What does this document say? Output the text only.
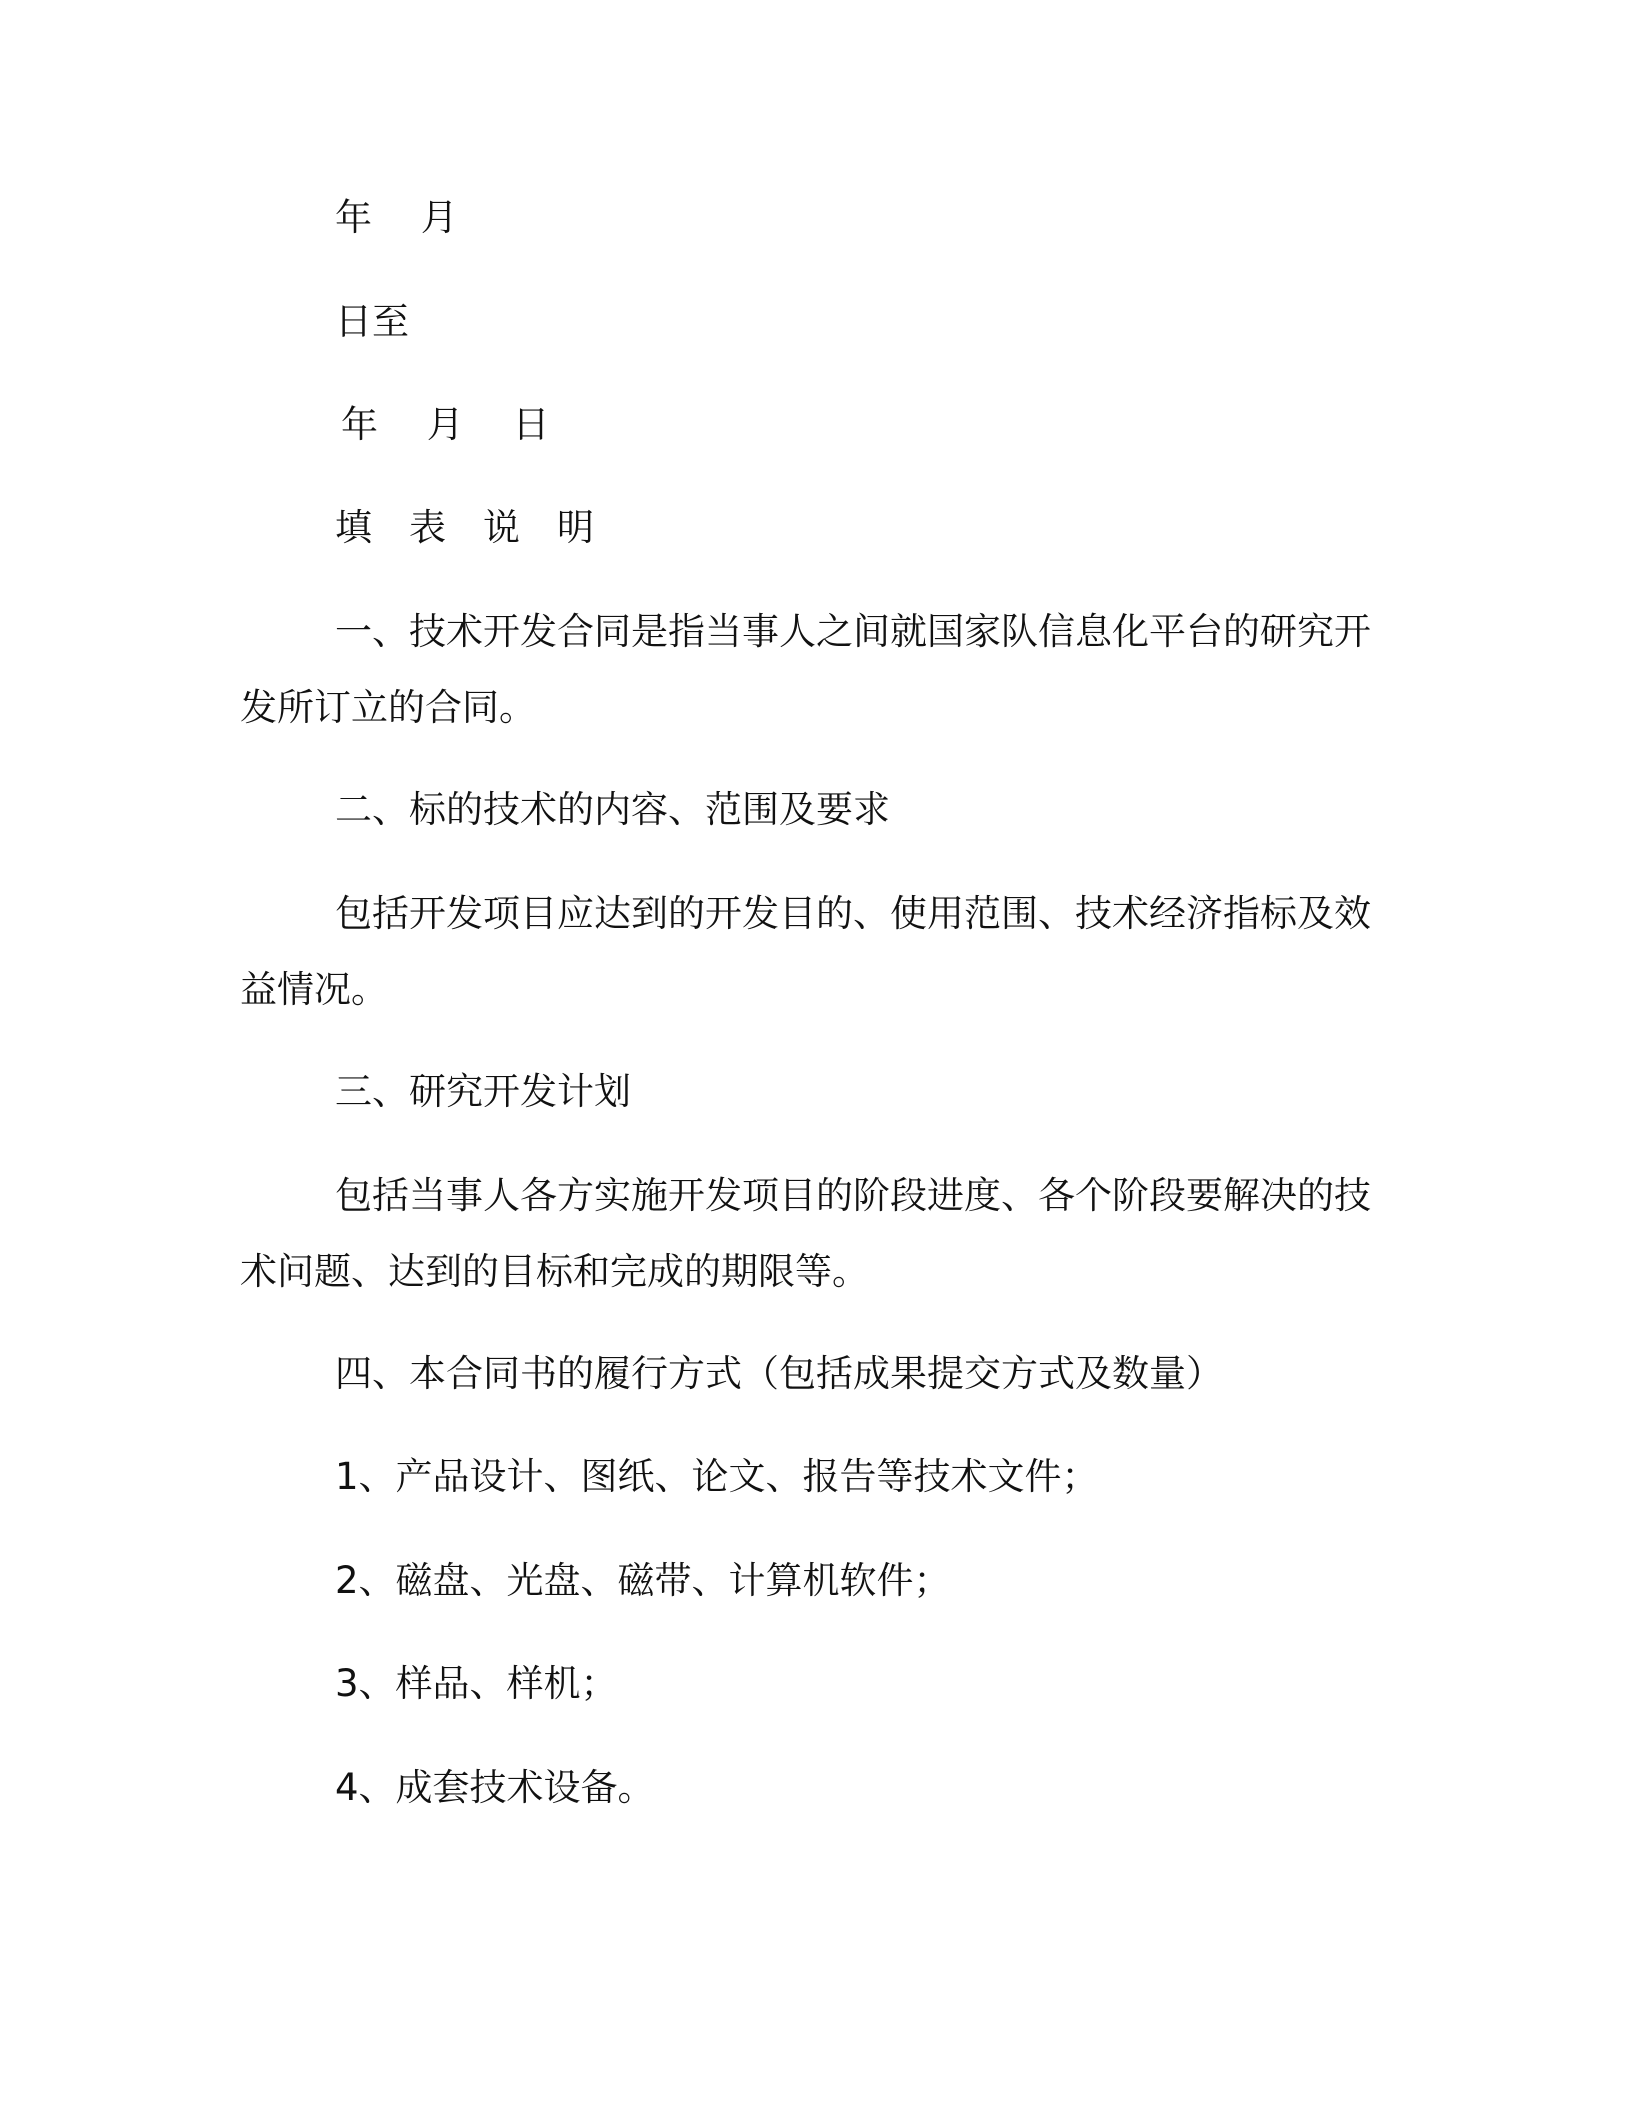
年　 月
日至
年　 月　 日
填　表　说　明
一、技术开发合同是指当事人之间就国家队信息化平台的研究开
发所订立的合同。
二、标的技术的内容、范围及要求
包括开发项目应达到的开发目的、使用范围、技术经济指标及效
益情况。
三、研究开发计划
包括当事人各方实施开发项目的阶段进度、各个阶段要解决的技
术问题、达到的目标和完成的期限等。
四、本合同书的履行方式（包括成果提交方式及数量）
1、产品设计、图纸、论文、报告等技术文件；
2、磁盘、光盘、磁带、计算机软件；
3、样品、样机；
4、成套技术设备。
